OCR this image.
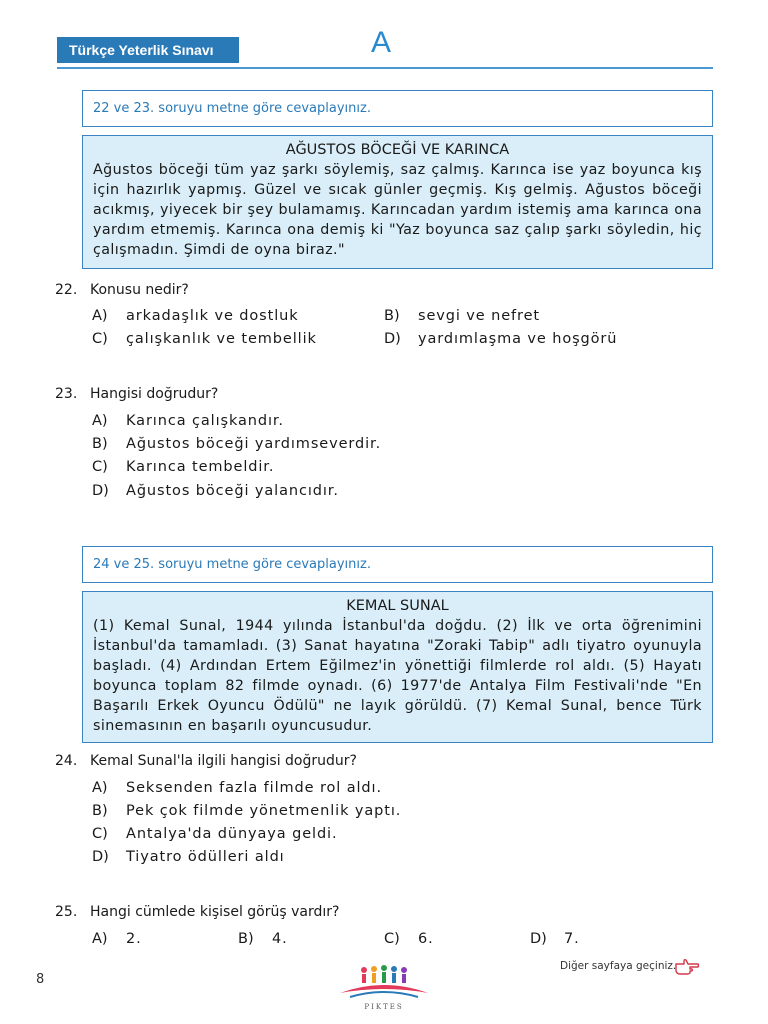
Türkçe Yeterlik Sınavı	A
22 ve 23. soruyu metne göre cevaplayınız.
AĞUSTOS BÖCEĞİ VE KARINCA
Ağustos böceği tüm yaz şarkı söylemiş, saz çalmış. Karınca ise yaz boyunca kış için hazırlık yapmış. Güzel ve sıcak günler geçmiş. Kış gelmiş. Ağustos böceği acıkmış, yiyecek bir şey bulamamış. Karıncadan yardım istemiş ama karınca ona yardım etmemiş. Karınca ona demiş ki "Yaz boyunca saz çalıp şarkı söyledin, hiç çalışmadın. Şimdi de oyna biraz."
22. Konusu nedir?
A) arkadaşlık ve dostluk	B) sevgi ve nefret
C) çalışkanlık ve tembellik	D) yardımlaşma ve hoşgörü
23. Hangisi doğrudur?
A) Karınca çalışkandır.
B) Ağustos böceği yardımseverdir.
C) Karınca tembeldir.
D) Ağustos böceği yalancıdır.
24 ve 25. soruyu metne göre cevaplayınız.
KEMAL SUNAL
(1) Kemal Sunal, 1944 yılında İstanbul'da doğdu. (2) İlk ve orta öğrenimini İstanbul'da tamamladı. (3) Sanat hayatına "Zoraki Tabip" adlı tiyatro oyunuyla başladı. (4) Ardından Ertem Eğilmez'in yönettiği filmlerde rol aldı. (5) Hayatı boyunca toplam 82 filmde oynadı. (6) 1977'de Antalya Film Festivali'nde "En Başarılı Erkek Oyuncu Ödülü" ne layık görüldü. (7) Kemal Sunal, bence Türk sinemasının en başarılı oyuncusudur.
24. Kemal Sunal'la ilgili hangisi doğrudur?
A) Seksenden fazla filmde rol aldı.
B) Pek çok filmde yönetmenlik yaptı.
C) Antalya'da dünyaya geldi.
D) Tiyatro ödülleri aldı
25. Hangi cümlede kişisel görüş vardır?
A) 2.	B) 4.	C) 6.	D) 7.
8
PIKTES
Diğer sayfaya geçiniz.
